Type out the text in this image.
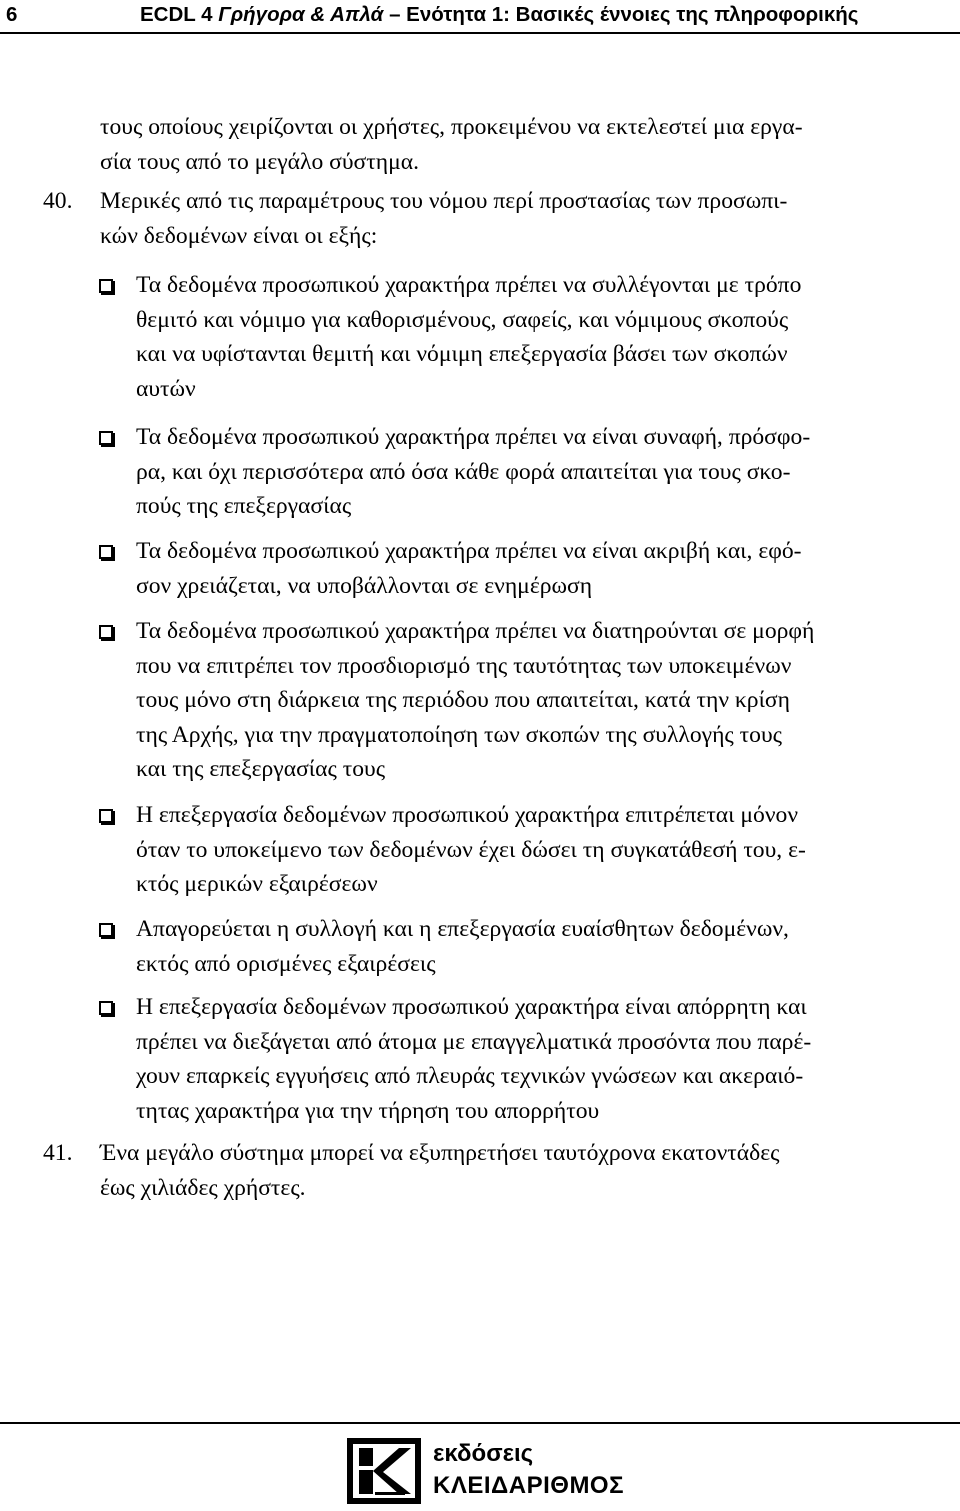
6	ECDL 4 Γρήγορα & Απλά – Ενότητα 1: Βασικές έννοιες της πληροφορικής
τους οποίους χειρίζονται οι χρήστες, προκειμένου να εκτελεστεί μια εργα-
σία τους από το μεγάλο σύστημα.
40. Μερικές από τις παραμέτρους του νόμου περί προστασίας των προσωπι-
κών δεδομένων είναι οι εξής:
Τα δεδομένα προσωπικού χαρακτήρα πρέπει να συλλέγονται με τρόπο
θεμιτό και νόμιμο για καθορισμένους, σαφείς, και νόμιμους σκοπούς
και να υφίστανται θεμιτή και νόμιμη επεξεργασία βάσει των σκοπών
αυτών
Τα δεδομένα προσωπικού χαρακτήρα πρέπει να είναι συναφή, πρόσφο-
ρα, και όχι περισσότερα από όσα κάθε φορά απαιτείται για τους σκο-
πούς της επεξεργασίας
Τα δεδομένα προσωπικού χαρακτήρα πρέπει να είναι ακριβή και, εφό-
σον χρειάζεται, να υποβάλλονται σε ενημέρωση
Τα δεδομένα προσωπικού χαρακτήρα πρέπει να διατηρούνται σε μορφή
που να επιτρέπει τον προσδιορισμό της ταυτότητας των υποκειμένων
τους μόνο στη διάρκεια της περιόδου που απαιτείται, κατά την κρίση
της Αρχής, για την πραγματοποίηση των σκοπών της συλλογής τους
και της επεξεργασίας τους
Η επεξεργασία δεδομένων προσωπικού χαρακτήρα επιτρέπεται μόνον
όταν το υποκείμενο των δεδομένων έχει δώσει τη συγκατάθεσή του, ε-
κτός μερικών εξαιρέσεων
Απαγορεύεται η συλλογή και η επεξεργασία ευαίσθητων δεδομένων,
εκτός από ορισμένες εξαιρέσεις
Η επεξεργασία δεδομένων προσωπικού χαρακτήρα είναι απόρρητη και
πρέπει να διεξάγεται από άτομα με επαγγελματικά προσόντα που παρέ-
χουν επαρκείς εγγυήσεις από πλευράς τεχνικών γνώσεων και ακεραιό-
τητας χαρακτήρα για την τήρηση του απορρήτου
41. Ένα μεγάλο σύστημα μπορεί να εξυπηρετήσει ταυτόχρονα εκατοντάδες
έως χιλιάδες χρήστες.
εκδόσεις
ΚΛΕΙΔΑΡΙΘΜΟΣ
